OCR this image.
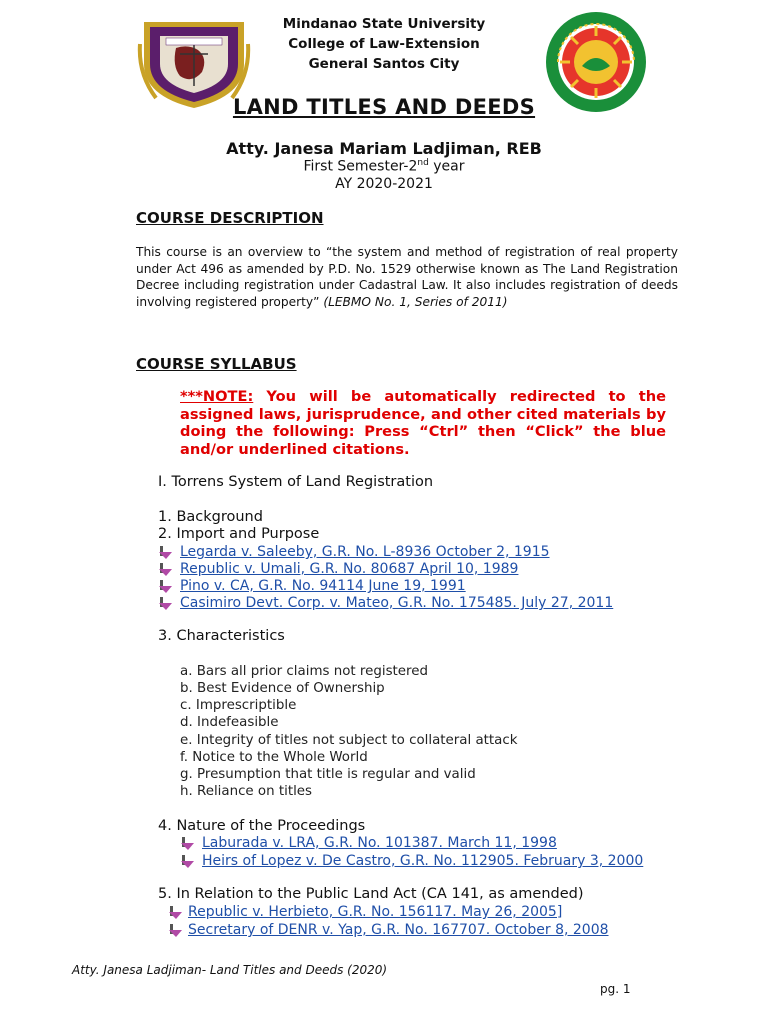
Mindanao State University
College of Law-Extension
General Santos City
LAND TITLES AND DEEDS
Atty. Janesa Mariam Ladjiman, REB
First Semester-2nd year
AY 2020-2021
COURSE DESCRIPTION
This course is an overview to “the system and method of registration of real property under Act 496 as amended by P.D. No. 1529 otherwise known as The Land Registration Decree including registration under Cadastral Law. It also includes registration of deeds involving registered property” (LEBMO No. 1, Series of 2011)
COURSE SYLLABUS
***NOTE: You will be automatically redirected to the assigned laws, jurisprudence, and other cited materials by doing the following: Press “Ctrl” then “Click” the blue and/or underlined citations.
I. Torrens System of Land Registration
1. Background
2. Import and Purpose
Legarda v. Saleeby, G.R. No. L-8936 October 2, 1915
Republic v. Umali, G.R. No. 80687 April 10, 1989
Pino v. CA, G.R. No. 94114 June 19, 1991
Casimiro Devt. Corp. v. Mateo, G.R. No. 175485. July 27, 2011
3. Characteristics
a. Bars all prior claims not registered
b. Best Evidence of Ownership
c. Imprescriptible
d. Indefeasible
e. Integrity of titles not subject to collateral attack
f. Notice to the Whole World
g. Presumption that title is regular and valid
h. Reliance on titles
4. Nature of the Proceedings
Laburada v. LRA, G.R. No. 101387. March 11, 1998
Heirs of Lopez v. De Castro, G.R. No. 112905. February 3, 2000
5. In Relation to the Public Land Act (CA 141, as amended)
Republic v. Herbieto, G.R. No. 156117. May 26, 2005]
Secretary of DENR v. Yap, G.R. No. 167707. October 8, 2008
Atty. Janesa Ladjiman- Land Titles and Deeds (2020)
pg. 1
